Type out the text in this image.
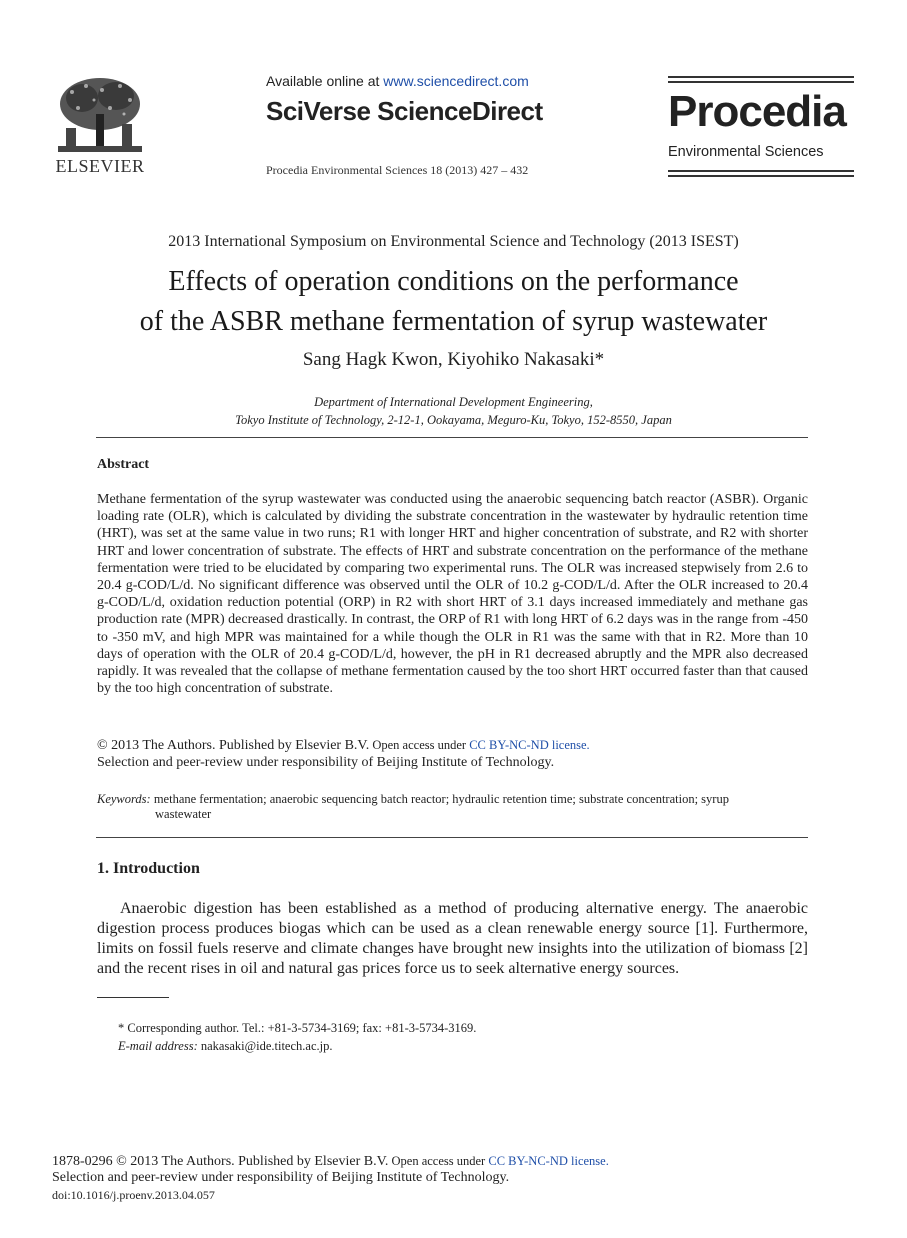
ELSEVIER
Available online at www.sciencedirect.com
SciVerse ScienceDirect
Procedia Environmental Sciences 18 (2013) 427 – 432
Procedia
Environmental Sciences
2013 International Symposium on Environmental Science and Technology (2013 ISEST)
Effects of operation conditions on the performance
of the ASBR methane fermentation of syrup wastewater
Sang Hagk Kwon, Kiyohiko Nakasaki*
Department of International Development Engineering,
Tokyo Institute of Technology, 2-12-1, Ookayama, Meguro-Ku, Tokyo, 152-8550, Japan
Abstract
Methane fermentation of the syrup wastewater was conducted using the anaerobic sequencing batch reactor (ASBR). Organic loading rate (OLR), which is calculated by dividing the substrate concentration in the wastewater by hydraulic retention time (HRT), was set at the same value in two runs; R1 with longer HRT and higher concentration of substrate, and R2 with shorter HRT and lower concentration of substrate. The effects of HRT and substrate concentration on the performance of the methane fermentation were tried to be elucidated by comparing two experimental runs. The OLR was increased stepwisely from 2.6 to 20.4 g-COD/L/d. No significant difference was observed until the OLR of 10.2 g-COD/L/d. After the OLR increased to 20.4 g-COD/L/d, oxidation reduction potential (ORP) in R2 with short HRT of 3.1 days increased immediately and methane gas production rate (MPR) decreased drastically. In contrast, the ORP of R1 with long HRT of 6.2 days was in the range from -450 to -350 mV, and high MPR was maintained for a while though the OLR in R1 was the same with that in R2. More than 10 days of operation with the OLR of 20.4 g-COD/L/d, however, the pH in R1 decreased abruptly and the MPR also decreased rapidly. It was revealed that the collapse of methane fermentation caused by the too short HRT occurred faster than that caused by the too high concentration of substrate.
© 2013 The Authors. Published by Elsevier B.V. Open access under CC BY-NC-ND license.
Selection and peer-review under responsibility of Beijing Institute of Technology.
Keywords: methane fermentation; anaerobic sequencing batch reactor; hydraulic retention time; substrate concentration; syrup
wastewater
1. Introduction

Anaerobic digestion has been established as a method of producing alternative energy. The anaerobic digestion process produces biogas which can be used as a clean renewable energy source [1]. Furthermore, limits on fossil fuels reserve and climate changes have brought new insights into the utilization of biomass [2] and the recent rises in oil and natural gas prices force us to seek alternative energy sources.

* Corresponding author. Tel.: +81-3-5734-3169; fax: +81-3-5734-3169.
E-mail address: nakasaki@ide.titech.ac.jp.
1878-0296 © 2013 The Authors. Published by Elsevier B.V. Open access under CC BY-NC-ND license.
Selection and peer-review under responsibility of Beijing Institute of Technology.
doi:10.1016/j.proenv.2013.04.057
